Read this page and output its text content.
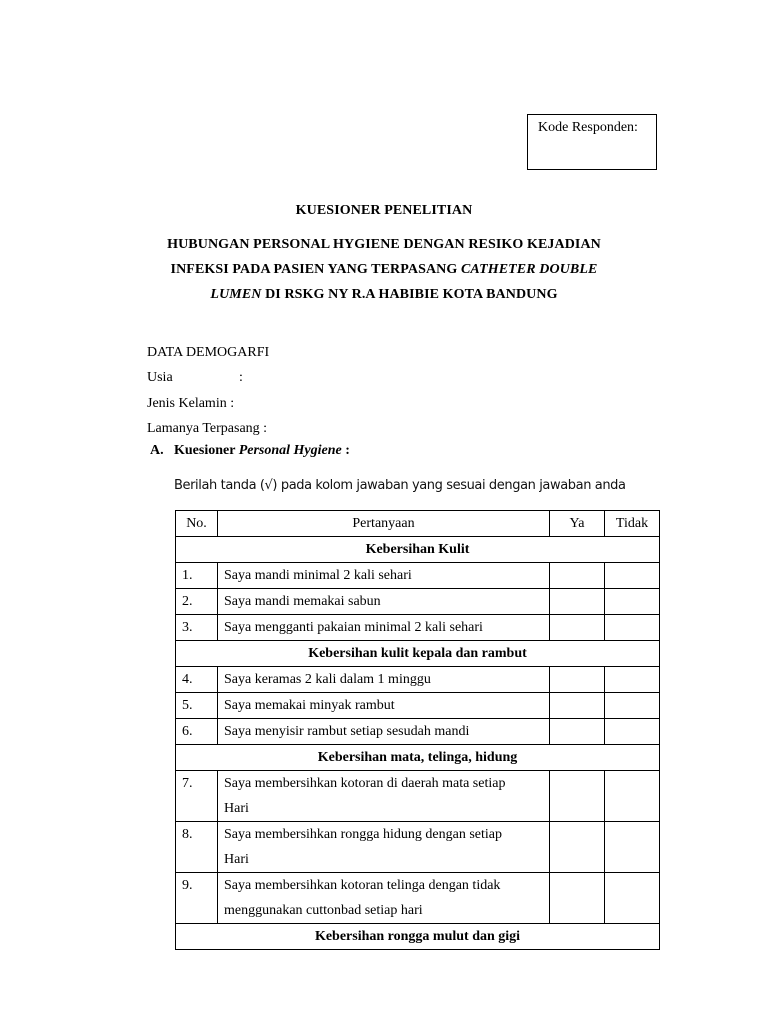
Kode Responden:
KUESIONER PENELITIAN
HUBUNGAN PERSONAL HYGIENE DENGAN RESIKO KEJADIAN
INFEKSI PADA PASIEN YANG TERPASANG CATHETER DOUBLE
LUMEN DI RSKG NY R.A HABIBIE KOTA BANDUNG
DATA DEMOGARFI
Usia	:
Jenis Kelamin :
Lamanya Terpasang :
A. Kuesioner Personal Hygiene :
Berilah tanda (√) pada kolom jawaban yang sesuai dengan jawaban anda
No.	Pertanyaan	Ya	Tidak
Kebersihan Kulit			
1.	Saya mandi minimal 2 kali sehari		
2.	Saya mandi memakai sabun		
3.	Saya mengganti pakaian minimal 2 kali sehari		
Kebersihan kulit kepala dan rambut			
4.	Saya keramas 2 kali dalam 1 minggu		
5.	Saya memakai minyak rambut		
6.	Saya menyisir rambut setiap sesudah mandi		
Kebersihan mata, telinga, hidung			
7.	Saya membersihkan kotoran di daerah mata setiap
Hari		

8.	Saya membersihkan rongga hidung dengan setiap
Hari		

9.	Saya membersihkan kotoran telinga dengan tidak
menggunakan cuttonbad setiap hari		

Kebersihan rongga mulut dan gigi			
